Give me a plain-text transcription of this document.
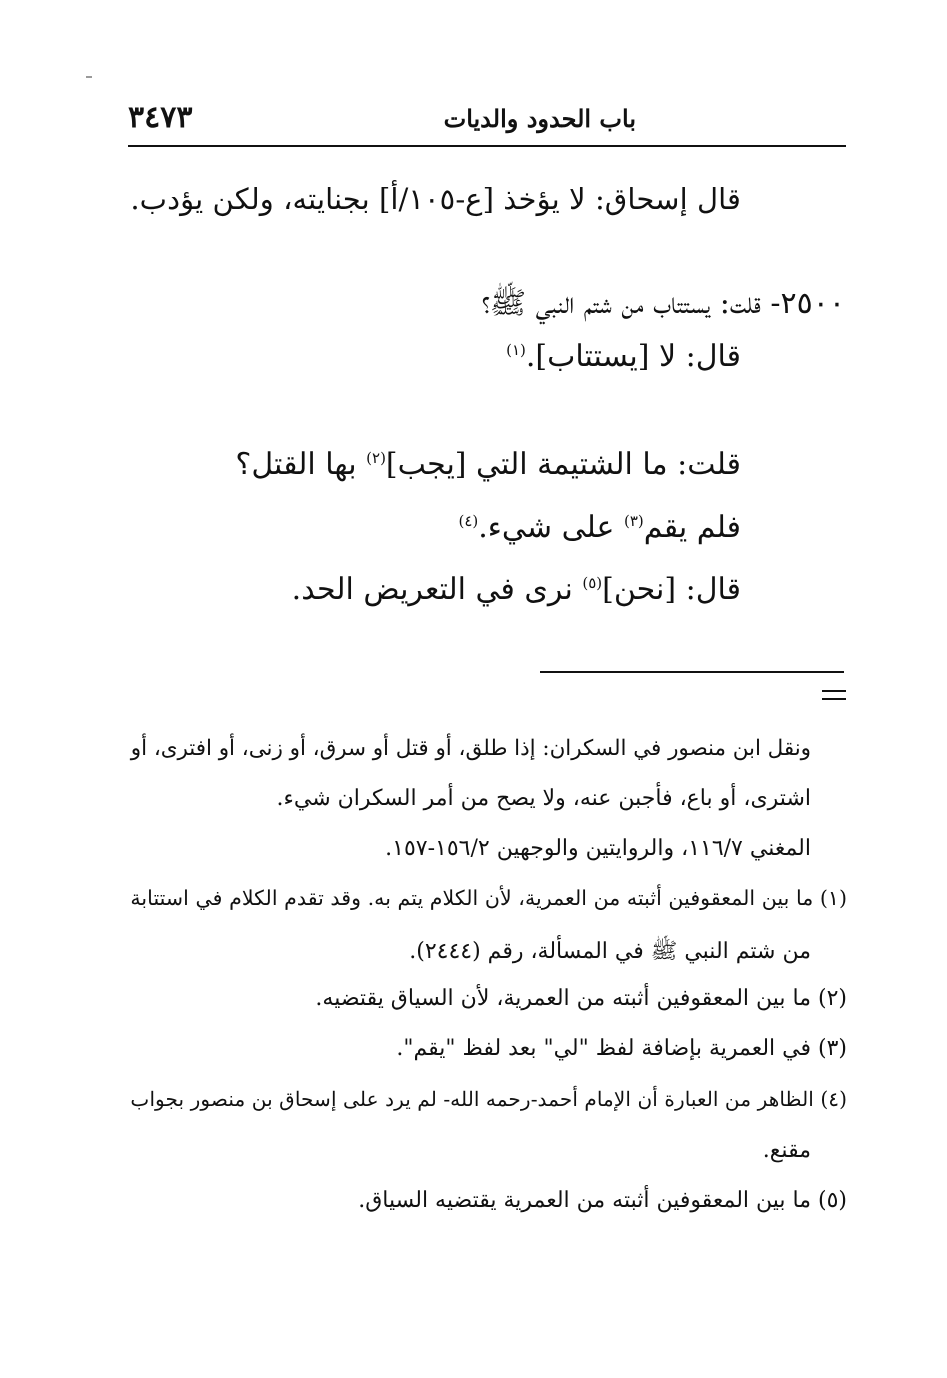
باب الحدود والديات
٣٤٧٣
قال إسحاق: لا يؤخذ [ع-١٠٥/أ] بجنايته، ولكن يؤدب.
٢٥٠٠- قلت: يستتاب من شتم النبي ﷺ؟
قال: لا [يستتاب].$^{(١)}$
قلت: ما الشتيمة التي [يجب]$^{(٢)}$ بها القتل؟
فلم يقم$^{(٣)}$ على شيء.$^{(٤)}$
قال: [نحن]$^{(٥)}$ نرى في التعريض الحد.
ونقل ابن منصور في السكران: إذا طلق، أو قتل أو سرق، أو زنى، أو افترى، أو
اشترى، أو باع، فأجبن عنه، ولا يصح من أمر السكران شيء.
المغني ١١٦/٧، والروايتين والوجهين ١٥٦/٢-١٥٧.
(١) ما بين المعقوفين أثبته من العمرية، لأن الكلام يتم به. وقد تقدم الكلام في استتابة
من شتم النبي ﷺ في المسألة، رقم (٢٤٤٤).
(٢) ما بين المعقوفين أثبته من العمرية، لأن السياق يقتضيه.
(٣) في العمرية بإضافة لفظ "لي" بعد لفظ "يقم".
(٤) الظاهر من العبارة أن الإمام أحمد-رحمه الله- لم يرد على إسحاق بن منصور بجواب
مقنع.
(٥) ما بين المعقوفين أثبته من العمرية يقتضيه السياق.
